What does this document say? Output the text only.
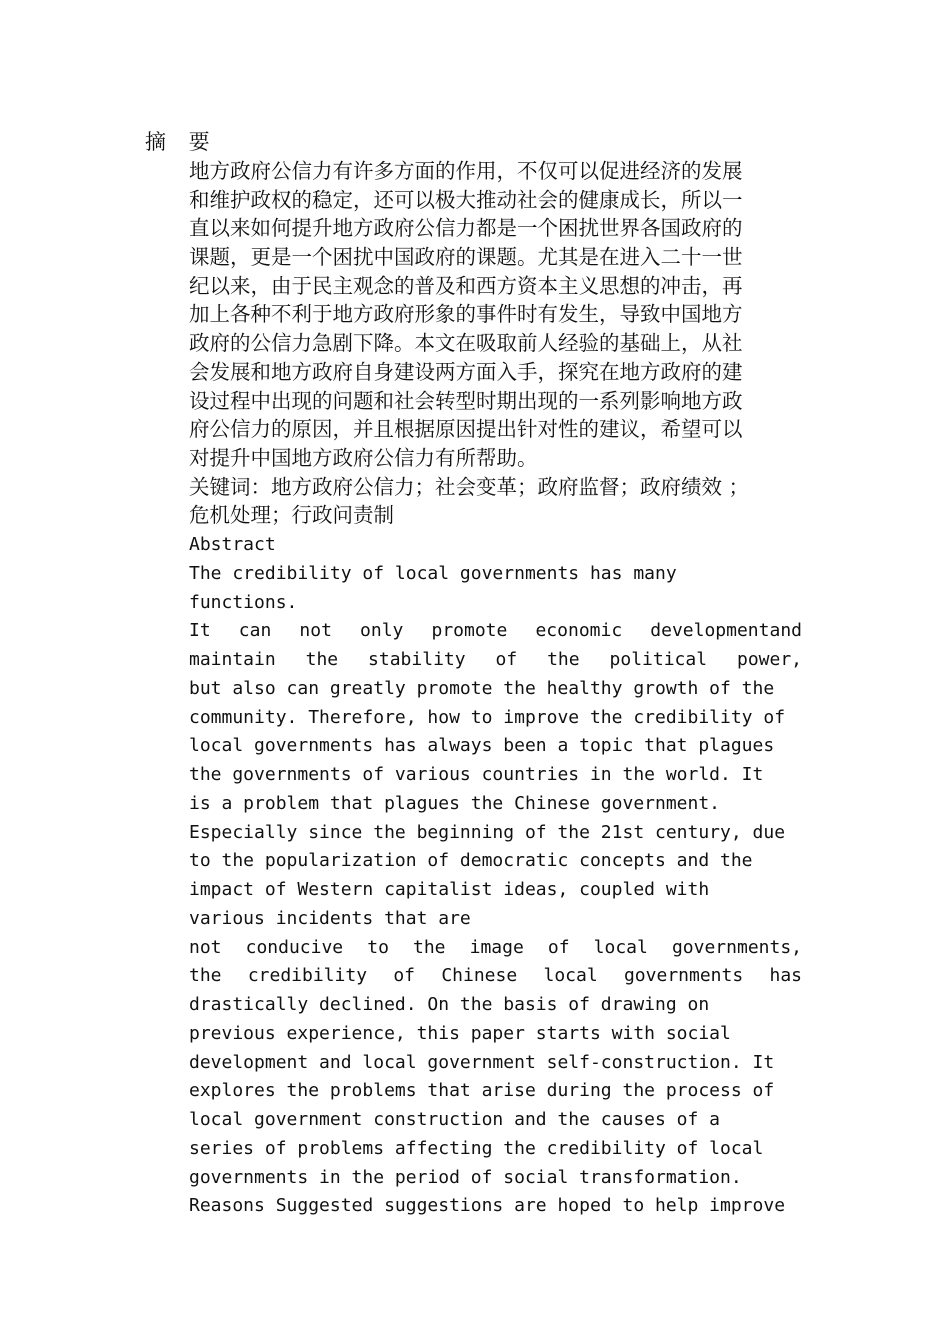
摘 要
地方政府公信力有许多方面的作用，不仅可以促进经济的发展
和维护政权的稳定，还可以极大推动社会的健康成长，所以一
直以来如何提升地方政府公信力都是一个困扰世界各国政府的
课题，更是一个困扰中国政府的课题。尤其是在进入二十一世
纪以来，由于民主观念的普及和西方资本主义思想的冲击，再
加上各种不利于地方政府形象的事件时有发生，导致中国地方
政府的公信力急剧下降。本文在吸取前人经验的基础上，从社
会发展和地方政府自身建设两方面入手，探究在地方政府的建
设过程中出现的问题和社会转型时期出现的一系列影响地方政
府公信力的原因，并且根据原因提出针对性的建议，希望可以
对提升中国地方政府公信力有所帮助。
关键词：地方政府公信力；社会变革；政府监督；政府绩效 ；
危机处理；行政问责制
Abstract
The credibility of local governments has many
functions.
It can not only promote economic developmentand
maintain the stability of the political power,
but also can greatly promote the healthy growth of the
community. Therefore, how to improve the credibility of
local governments has always been a topic that plagues
the governments of various countries in the world. It
is a problem that plagues the Chinese government.
Especially since the beginning of the 21st century, due
to the popularization of democratic concepts and the
impact of Western capitalist ideas, coupled with
various incidents that are
not conducive to the image of local governments,
the credibility of Chinese local governments has
drastically declined. On the basis of drawing on
previous experience, this paper starts with social
development and local government self-construction. It
explores the problems that arise during the process of
local government construction and the causes of a
series of problems affecting the credibility of local
governments in the period of social transformation.
Reasons Suggested suggestions are hoped to help improve
